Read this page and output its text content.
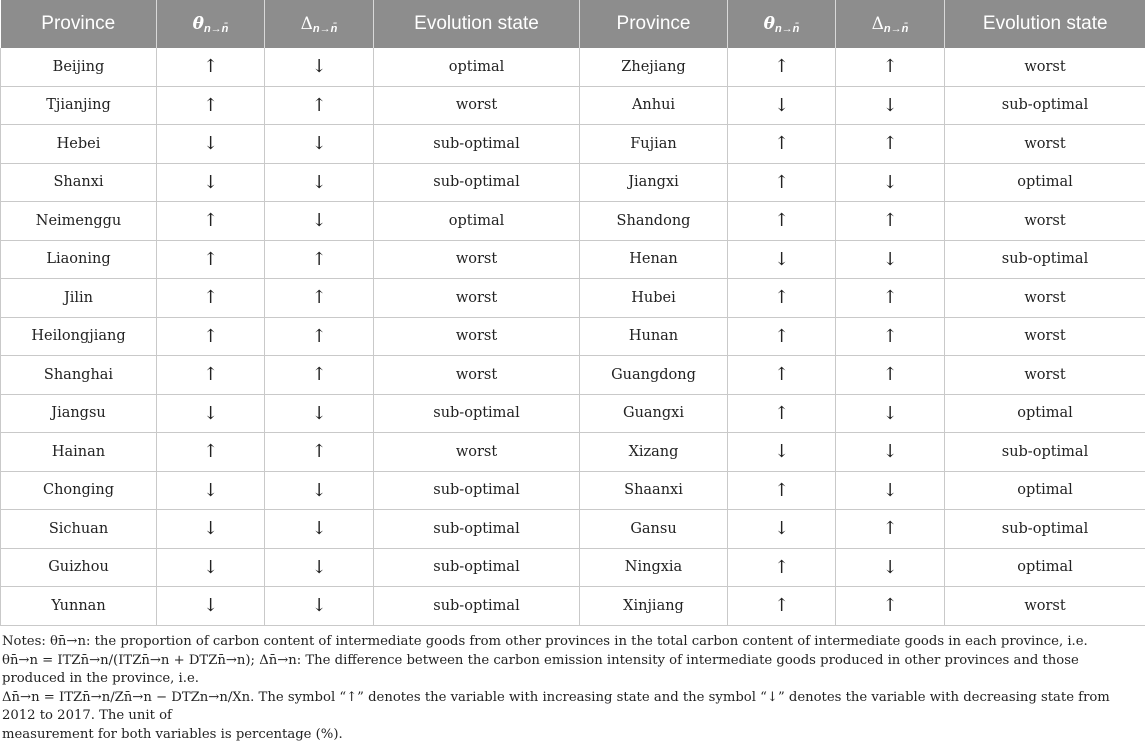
Province	$\theta_{n\to n̄}$	$\Delta_{n\to n̄}$	Evolution state	Province	$\theta_{n\to n̄}$	$\Delta_{n\to n̄}$	Evolution state
Beijing	↑	↓	optimal	Zhejiang	↑	↑	worst
Tjianjing	↑	↑	worst	Anhui	↓	↓	sub-optimal
Hebei	↓	↓	sub-optimal	Fujian	↑	↑	worst
Shanxi	↓	↓	sub-optimal	Jiangxi	↑	↓	optimal
Neimenggu	↑	↓	optimal	Shandong	↑	↑	worst
Liaoning	↑	↑	worst	Henan	↓	↓	sub-optimal
Jilin	↑	↑	worst	Hubei	↑	↑	worst
Heilongjiang	↑	↑	worst	Hunan	↑	↑	worst
Shanghai	↑	↑	worst	Guangdong	↑	↑	worst
Jiangsu	↓	↓	sub-optimal	Guangxi	↑	↓	optimal
Hainan	↑	↑	worst	Xizang	↓	↓	sub-optimal
Chonging	↓	↓	sub-optimal	Shaanxi	↑	↓	optimal
Sichuan	↓	↓	sub-optimal	Gansu	↓	↑	sub-optimal
Guizhou	↓	↓	sub-optimal	Ningxia	↑	↓	optimal
Yunnan	↓	↓	sub-optimal	Xinjiang	↑	↑	worst

Notes: θn̄→n: the proportion of carbon content of intermediate goods from other provinces in the total carbon content of intermediate goods in each province, i.e.

θn̄→n = ITZn̄→n/(ITZn̄→n + DTZn̄→n); Δn̄→n: The difference between the carbon emission intensity of intermediate goods produced in other provinces and those produced in the province, i.e.

Δn̄→n = ITZn̄→n/Zn̄→n − DTZn→n/Xn. The symbol “↑” denotes the variable with increasing state and the symbol “↓” denotes the variable with decreasing state from 2012 to 2017. The unit of

measurement for both variables is percentage (%).
